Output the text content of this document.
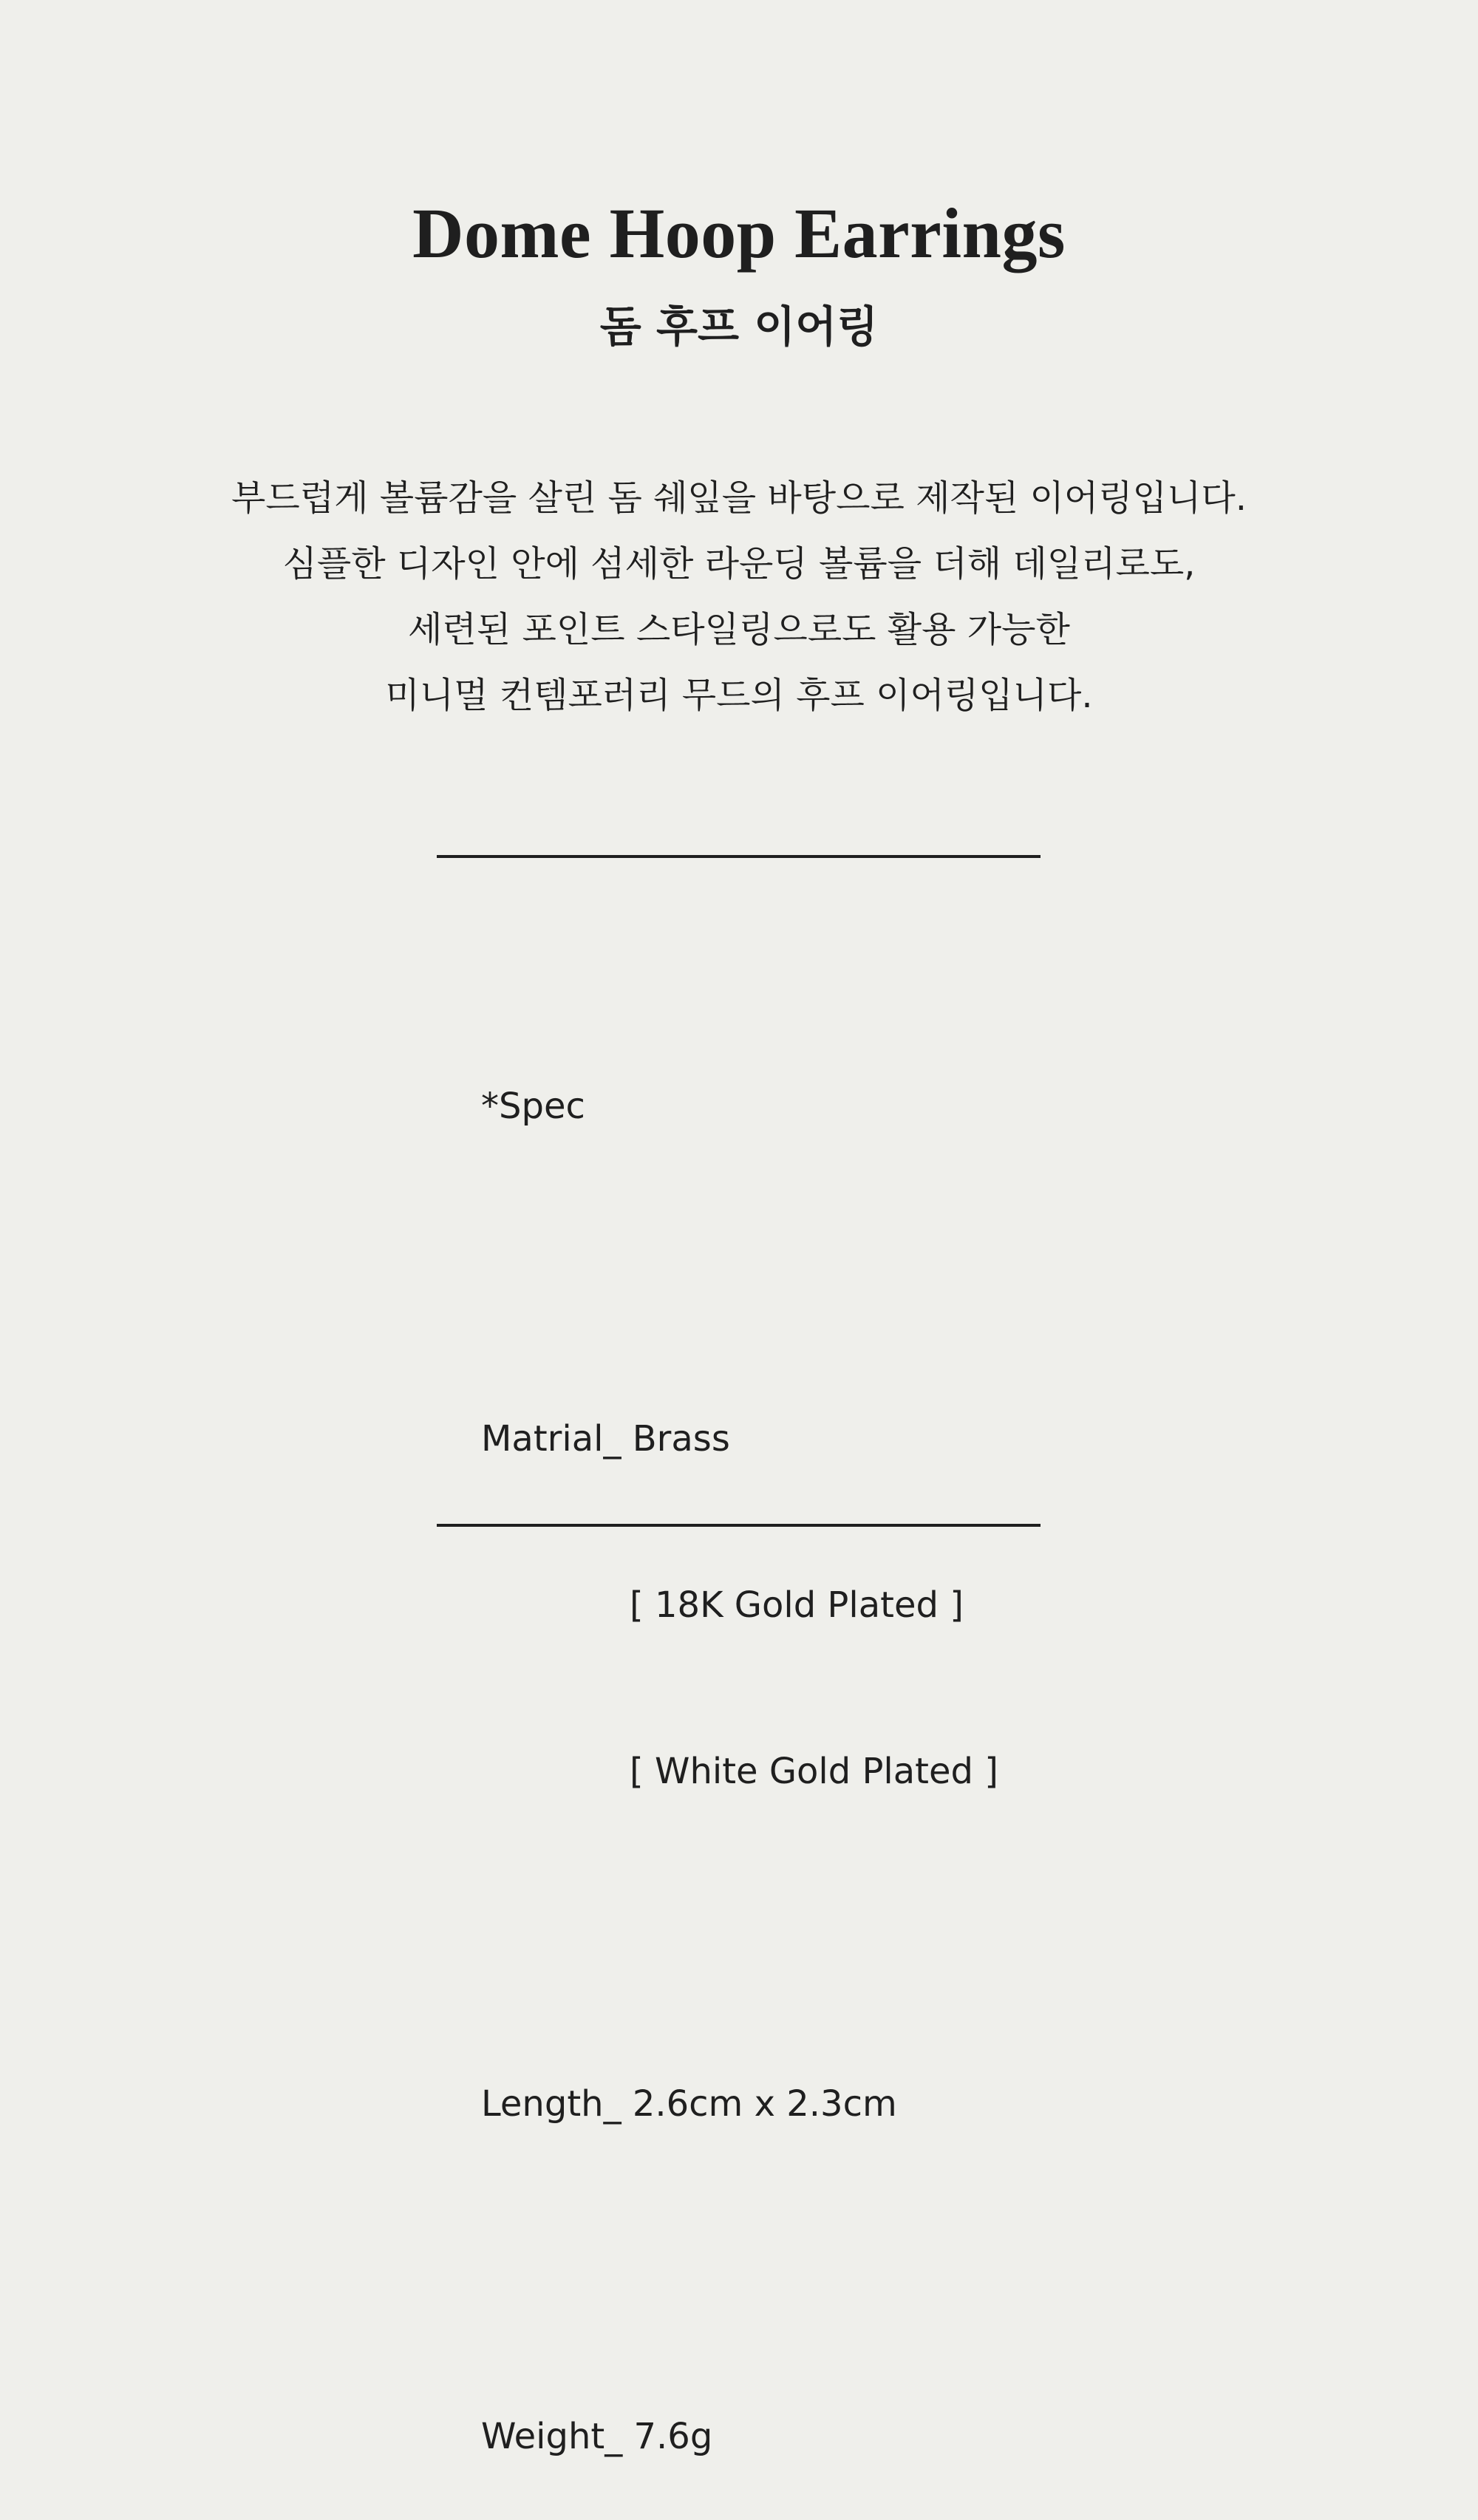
Dome Hoop Earrings
돔 후프 이어링

부드럽게 볼륨감을 살린 돔 쉐잎을 바탕으로 제작된 이어링입니다.
심플한 디자인 안에 섬세한 라운딩 볼륨을 더해 데일리로도,
세련된 포인트 스타일링으로도 활용 가능한
미니멀 컨템포러리 무드의 후프 이어링입니다.

*Spec

Matrial_ Brass

[ 18K Gold Plated ]

[ White Gold Plated ]

Length_ 2.6cm x 2.3cm

Weight_ 7.6g
